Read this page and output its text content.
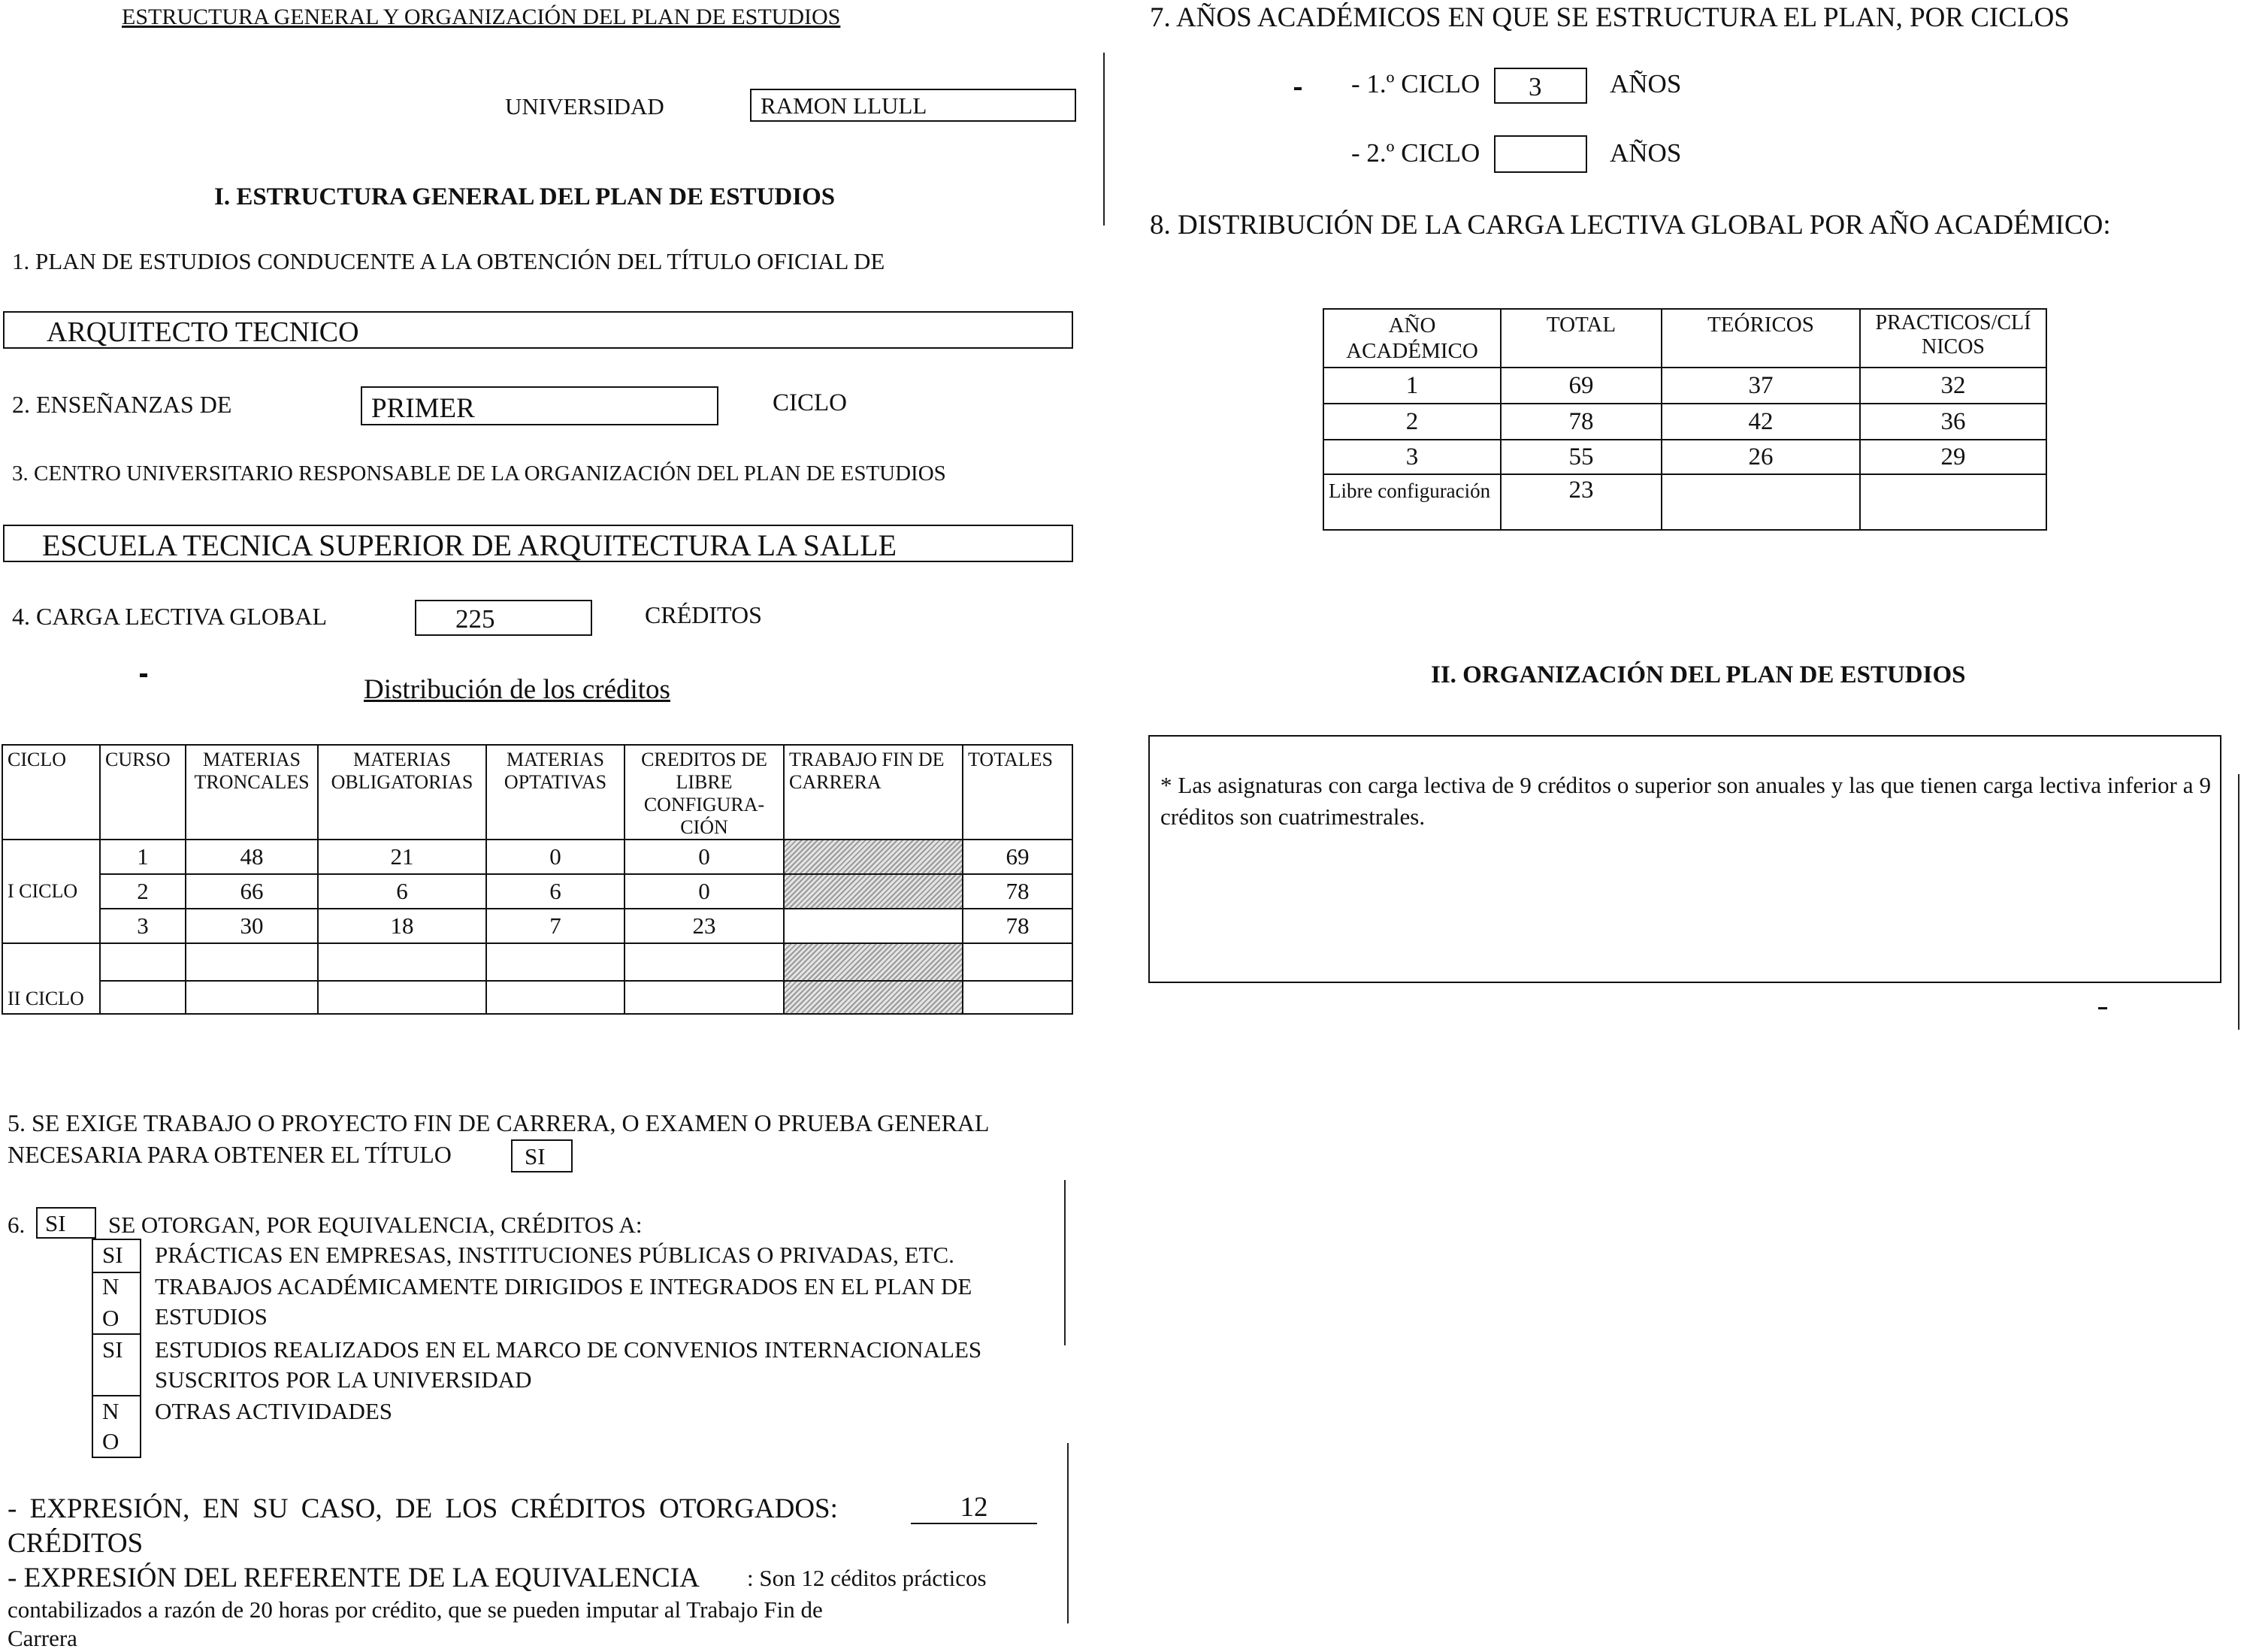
ESTRUCTURA GENERAL Y ORGANIZACIÓN DEL PLAN DE ESTUDIOS
UNIVERSIDAD	RAMON LLULL
I. ESTRUCTURA GENERAL DEL PLAN DE ESTUDIOS
1. PLAN DE ESTUDIOS CONDUCENTE A LA OBTENCIÓN DEL TÍTULO OFICIAL DE
ARQUITECTO TECNICO
2. ENSEÑANZAS DE	PRIMER	CICLO
3. CENTRO UNIVERSITARIO RESPONSABLE DE LA ORGANIZACIÓN DEL PLAN DE ESTUDIOS
ESCUELA TECNICA SUPERIOR DE ARQUITECTURA LA SALLE
4. CARGA LECTIVA GLOBAL	225	CRÉDITOS
Distribución de los créditos
CICLO	CURSO	MATERIAS TRONCALES	MATERIAS OBLIGATORIAS	MATERIAS OPTATIVAS	CREDITOS DE LIBRE CONFIGURA-CIÓN	TRABAJO FIN DE CARRERA	TOTALES
I CICLO	1	48	21	0	0		69
	2	66	6	6	0		78
	3	30	18	7	23		78
II CICLO							

5. SE EXIGE TRABAJO O PROYECTO FIN DE CARRERA, O EXAMEN O PRUEBA GENERAL
NECESARIA PARA OBTENER EL TÍTULO	SI
6. SI SE OTORGAN, POR EQUIVALENCIA, CRÉDITOS A:
SI PRÁCTICAS EN EMPRESAS, INSTITUCIONES PÚBLICAS O PRIVADAS, ETC.
N
O
TRABAJOS ACADÉMICAMENTE DIRIGIDOS E INTEGRADOS EN EL PLAN DE
ESTUDIOS
SI ESTUDIOS REALIZADOS EN EL MARCO DE CONVENIOS INTERNACIONALES
SUSCRITOS POR LA UNIVERSIDAD
N
O
OTRAS ACTIVIDADES
- EXPRESIÓN, EN SU CASO, DE LOS CRÉDITOS OTORGADOS:	12
CRÉDITOS
- EXPRESIÓN DEL REFERENTE DE LA EQUIVALENCIA : Son 12 céditos prácticos
contabilizados a razón de 20 horas por crédito, que se pueden imputar al Trabajo Fin de
Carrera
7. AÑOS ACADÉMICOS EN QUE SE ESTRUCTURA EL PLAN, POR CICLOS
- 1.º CICLO 3	AÑOS
- 2.º CICLO	AÑOS
8. DISTRIBUCIÓN DE LA CARGA LECTIVA GLOBAL POR AÑO ACADÉMICO:
AÑO ACADÉMICO	TOTAL	TEÓRICOS	PRACTICOS/CLÍ NICOS
1	69	37	32
2	78	42	36
3	55	26	29
Libre configuración	23		
II. ORGANIZACIÓN DEL PLAN DE ESTUDIOS
* Las asignaturas con carga lectiva de 9 créditos o superior son anuales y las que tienen carga lectiva inferior a 9 créditos son cuatrimestrales.
